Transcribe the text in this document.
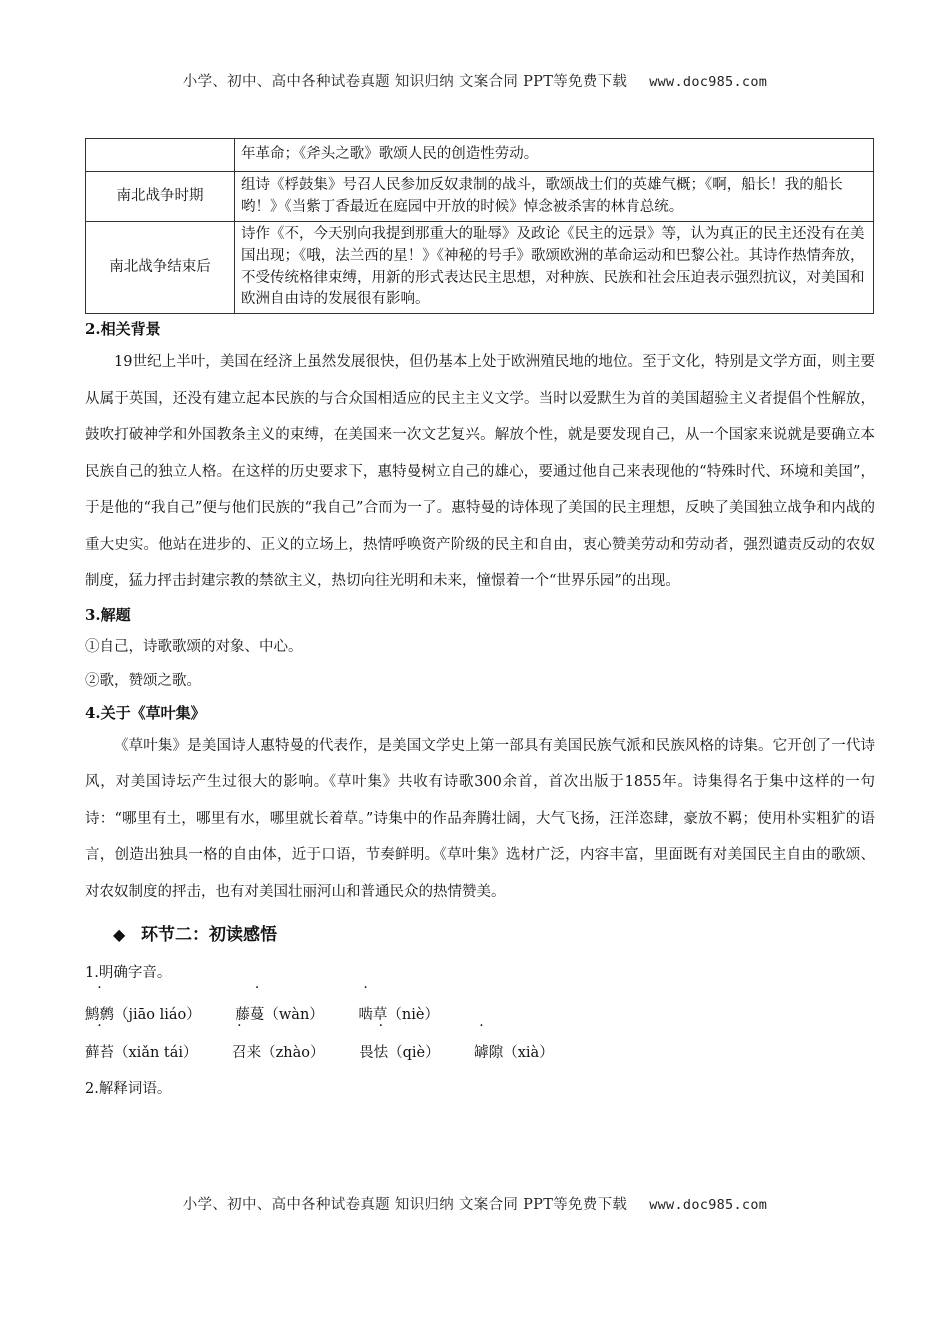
小学、初中、高中各种试卷真题 知识归纳 文案合同 PPT等免费下载 www.doc985.com
	年革命；《斧头之歌》歌颂人民的创造性劳动。
南北战争时期	组诗《桴鼓集》号召人民参加反奴隶制的战斗，歌颂战士们的英雄气概；《啊，船长！我的船长哟！》《当紫丁香最近在庭园中开放的时候》悼念被杀害的林肯总统。
南北战争结束后	诗作《不，今天别向我提到那重大的耻辱》及政论《民主的远景》等，认为真正的民主还没有在美国出现；《哦，法兰西的星！》《神秘的号手》歌颂欧洲的革命运动和巴黎公社。其诗作热情奔放，不受传统格律束缚，用新的形式表达民主思想，对种族、民族和社会压迫表示强烈抗议，对美国和欧洲自由诗的发展很有影响。

2.相关背景

19世纪上半叶，美国在经济上虽然发展很快，但仍基本上处于欧洲殖民地的地位。至于文化，特别是文学方面，则主要从属于英国，还没有建立起本民族的与合众国相适应的民主主义文学。当时以爱默生为首的美国超验主义者提倡个性解放，鼓吹打破神学和外国教条主义的束缚，在美国来一次文艺复兴。解放个性，就是要发现自己，从一个国家来说就是要确立本民族自己的独立人格。在这样的历史要求下，惠特曼树立自己的雄心，要通过他自己来表现他的“特殊时代、环境和美国”，于是他的“我自己”便与他们民族的“我自己”合而为一了。惠特曼的诗体现了美国的民主理想，反映了美国独立战争和内战的重大史实。他站在进步的、正义的立场上，热情呼唤资产阶级的民主和自由，衷心赞美劳动和劳动者，强烈谴责反动的农奴制度，猛力抨击封建宗教的禁欲主义，热切向往光明和未来，憧憬着一个“世界乐园”的出现。

3.解题

①自己，诗歌歌颂的对象、中心。

②歌，赞颂之歌。

4.关于《草叶集》

《草叶集》是美国诗人惠特曼的代表作，是美国文学史上第一部具有美国民族气派和民族风格的诗集。它开创了一代诗风，对美国诗坛产生过很大的影响。《草叶集》共收有诗歌300余首，首次出版于1855年。诗集得名于集中这样的一句诗：“哪里有土，哪里有水，哪里就长着草。”诗集中的作品奔腾壮阔，大气飞扬，汪洋恣肆，豪放不羁；使用朴实粗犷的语言，创造出独具一格的自由体，近于口语，节奏鲜明。《草叶集》选材广泛，内容丰富，里面既有对美国民主自由的歌颂、对农奴制度的抨击，也有对美国壮丽河山和普通民众的热情赞美。

◆ 环节二：初读感悟

1.明确字音。

鹪鹩（jiāo liáo） 藤蔓（wàn） 啮草（niè）

藓苔（xiǎn tái） 召来（zhào） 畏怯（qiè） 罅隙（xià）

2.解释词语。

小学、初中、高中各种试卷真题 知识归纳 文案合同 PPT等免费下载 www.doc985.com
